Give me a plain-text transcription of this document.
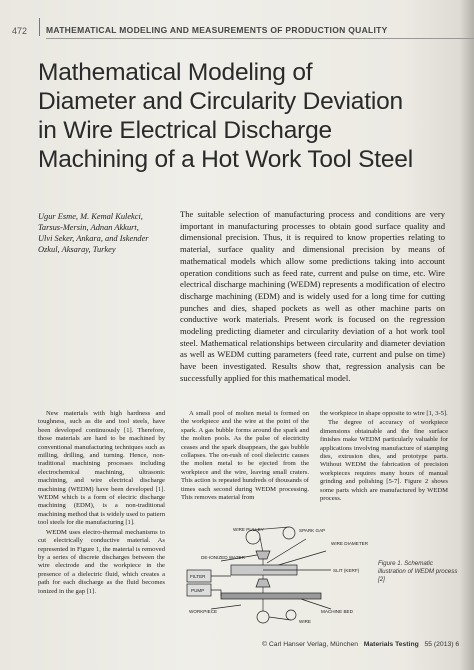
472 MATHEMATICAL MODELING AND MEASUREMENTS OF PRODUCTION QUALITY
Mathematical Modeling of
Diameter and Circularity Deviation
in Wire Electrical Discharge
Machining of a Hot Work Tool Steel
Ugur Esme, M. Kemal Kulekci,
Tarsus-Mersin, Adnan Akkurt,
Ulvi Seker, Ankara, and Iskender
Ozkul, Aksaray, Turkey
The suitable selection of manufacturing process and conditions are very important in manufacturing processes to obtain good surface quality and dimensional precision. Thus, it is required to know properties relating to material, surface quality and dimensional precision by means of mathematical models which allow some predictions taking into account operation conditions such as feed rate, current and pulse on time, etc. Wire electrical discharge machining (WEDM) represents a modification of electro discharge machining (EDM) and is widely used for a long time for cutting punches and dies, shaped pockets as well as other machine parts on conductive work materials. Present work is focused on the regression modeling predicting diameter and circularity deviation of a hot work tool steel. Mathematical relationships between circularity and diameter deviation as well as WEDM cutting parameters (feed rate, current and pulse on time) have been investigated. Results show that, regression analysis can be successfully applied for this mathematical model.

New materials with high hardness and toughness, such as die and tool steels, have been developed continuously [1]. Therefore, those materials are hard to be machined by conventional manufacturing techniques such as milling, drilling, and turning. Hence, non-traditional machining processes including electrochemical machining, ultrasonic machining, and wire electrical discharge machining (WEDM) have been developed [1]. WEDM which is a form of electric discharge machining (EDM), is a non-traditional machining method that is widely used to pattern tool steels for die manufacturing [1].

WEDM uses electro-thermal mechanisms to cut electrically conductive material. As represented in Figure 1, the material is removed by a series of discrete discharges between the wire electrode and the workpiece in the presence of a dielectric fluid, which creates a path for each discharge as the fluid becomes ionized in the gap [1].

A small pool of molten metal is formed on the workpiece and the wire at the point of the spark. A gas bubble forms around the spark and the molten pools. As the pulse of electricity ceases and the spark disappears, the gas bubble collapses. The on-rush of cool dielectric causes the molten metal to be ejected from the workpiece and the wire, leaving small craters. This action is repeated hundreds of thousands of times each second during WEDM processing. This removes material from

the workpiece in shape opposite to wire [1, 3-5].

The degree of accuracy of workpiece dimensions obtainable and the fine surface finishes make WEDM particularly valuable for applications involving manufacture of stamping dies, extrusion dies, and prototype parts. Without WEDM the fabrication of precision workpieces requires many hours of manual grinding and polishing [5-7]. Figure 2 shows some parts which are manufactured by WEDM process.

WIRE PULLEY	SPARK GAP
WIRE DIAMETER
DE-IONIZED WATER
SLIT (KERF)
FILTER
PUMP
MACHINE BED
WORKPIECE
WIRE
Figure 1. Schematic illustration of WEDM process [2]
© Carl Hanser Verlag, München Materials Testing 55 (2013) 6
